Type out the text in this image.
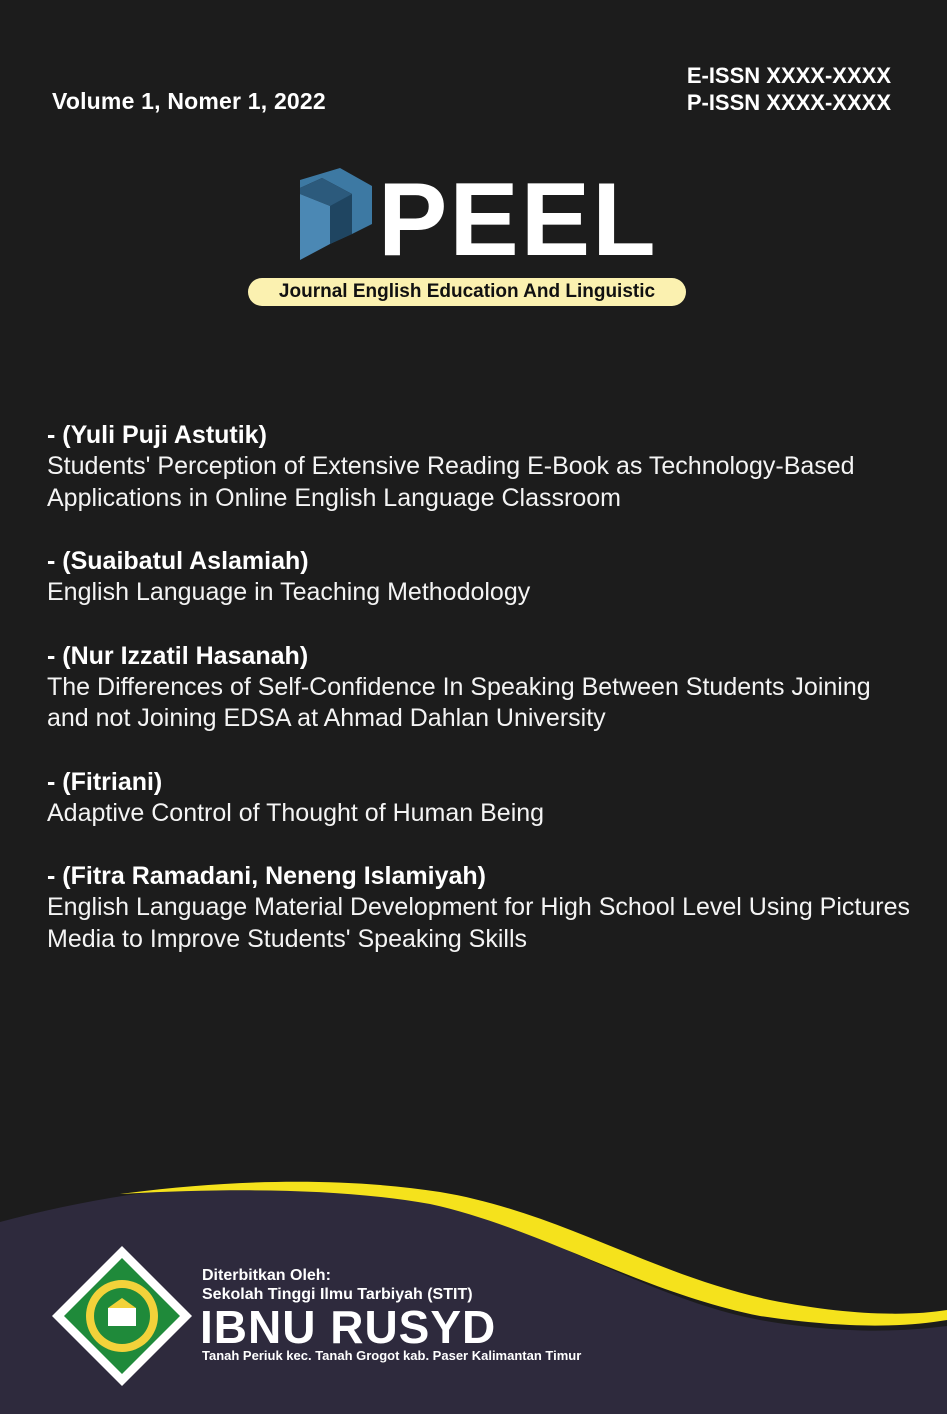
Volume 1, Nomer 1, 2022
E-ISSN XXXX-XXXX
P-ISSN XXXX-XXXX
PEEL
Journal English Education And Linguistic
- (Yuli Puji Astutik)
Students' Perception of Extensive Reading E-Book as Technology-Based Applications in Online English Language Classroom
- (Suaibatul Aslamiah)
English Language in Teaching Methodology
- (Nur Izzatil Hasanah)
The Differences of Self-Confidence In Speaking Between Students Joining and not Joining EDSA at Ahmad Dahlan University
- (Fitriani)
Adaptive Control of Thought of Human Being
- (Fitra Ramadani, Neneng Islamiyah)
English Language Material Development for High School Level Using Pictures Media to Improve Students' Speaking Skills
Diterbitkan Oleh:
Sekolah Tinggi Ilmu Tarbiyah (STIT)
IBNU RUSYD
Tanah Periuk kec. Tanah Grogot kab. Paser Kalimantan Timur
